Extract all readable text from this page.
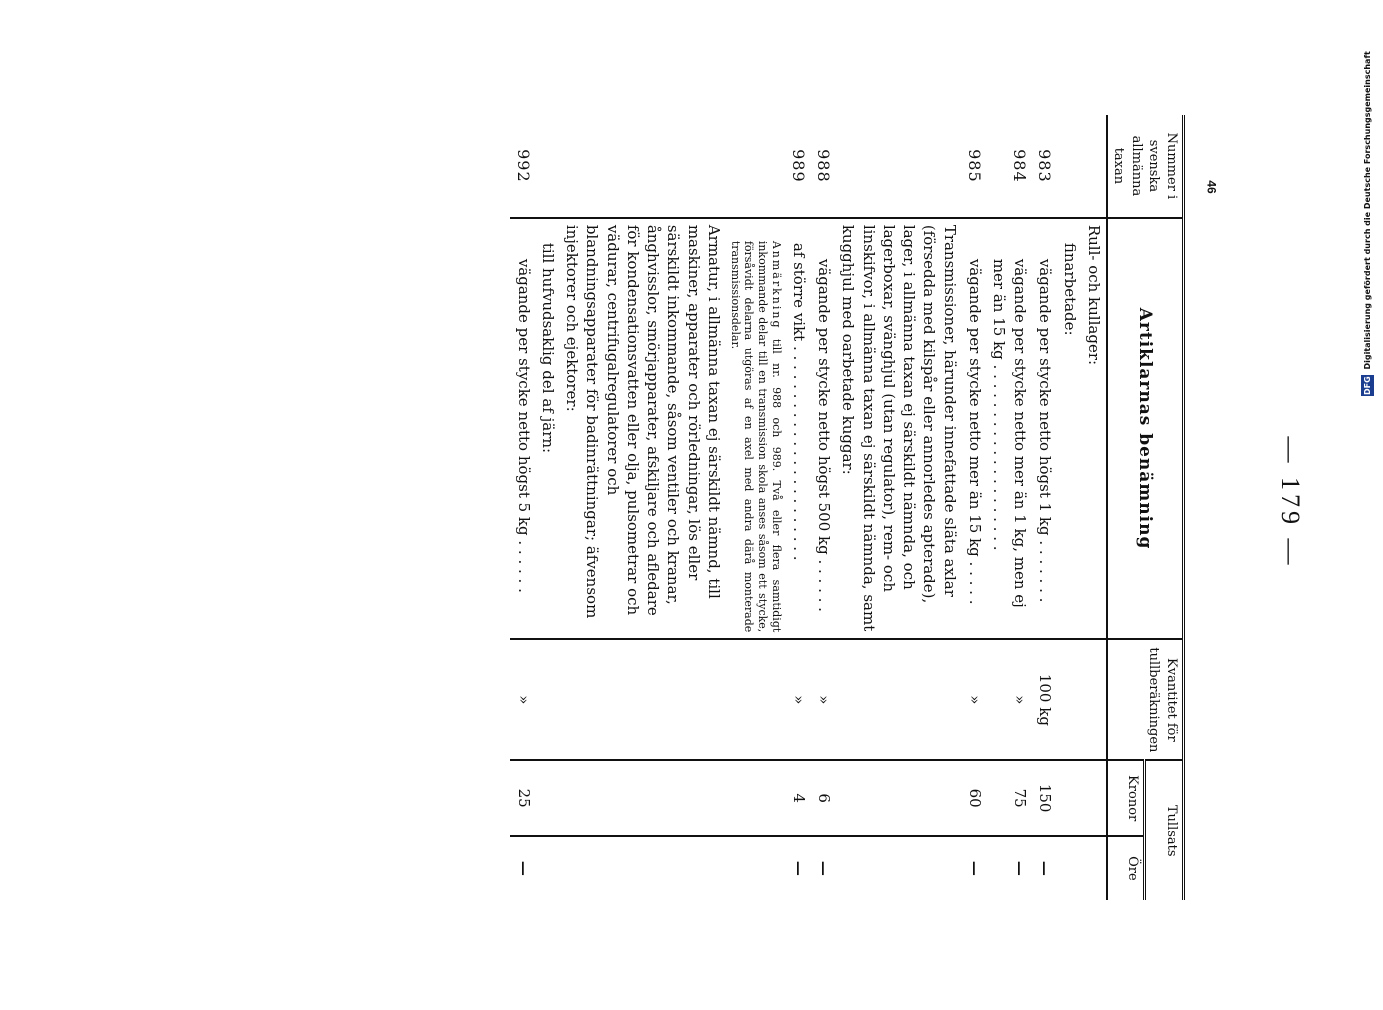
— 179 —
Nummer i svenska allmänna taxan	Artiklarnas benämning	Kvantitet för tullberäkningen	Tullsats	
			Kronor	Öre

	Rull- och kullager:			

	finarbetade:			

983	vägande per stycke netto högst 1 kg . . . . . . .	100 kg	150	—
984	vägande per stycke netto mer än 1 kg, men ej mer än 15 kg . . . . . . . . . . . . . . . . . . . .	»	75	—
985	vägande per stycke netto mer än 15 kg . . . . .	»	60	—

	Transmissioner, härunder innefattade släta axlar (försedda med kilspår eller annorledes apterade), lager, i allmänna taxan ej särskildt nämnda, och lagerboxar, svänghjul (utan regulator), rem- och linskifvor, i allmänna taxan ej särskildt nämnda, samt kugghjul med oarbetade kuggar:			

988	vägande per stycke netto högst 500 kg . . . . . .	»	6	—
989	af större vikt . . . . . . . . . . . . . . . . . . . . . . .	»	4	—

	Anmärkning till nr. 988 och 989. Två eller flera samtidigt inkommande delar till en transmission skola anses såsom ett stycke, försåvidt delarna utgöras af en axel med andra därå monterade transmissionsdelar.			

	Armatur, i allmänna taxan ej särskildt nämnd, till maskiner, apparater och rörledningar, lös eller särskildt inkommande, såsom ventiler och kranar, ånghvisslor, smörjapparater, afskiljare och afledare för kondensationsvatten eller olja, pulsometrar och vädurar, centrifugalregulatorer och blandningsapparater för badinrättningar; äfvensom injektorer och ejektorer:			

	till hufvudsaklig del af järn:			

992	vägande per stycke netto högst 5 kg . . . . . .	»	25	—
46
DFG Digitalisierung gefördert durch die Deutsche Forschungsgemeinschaft
